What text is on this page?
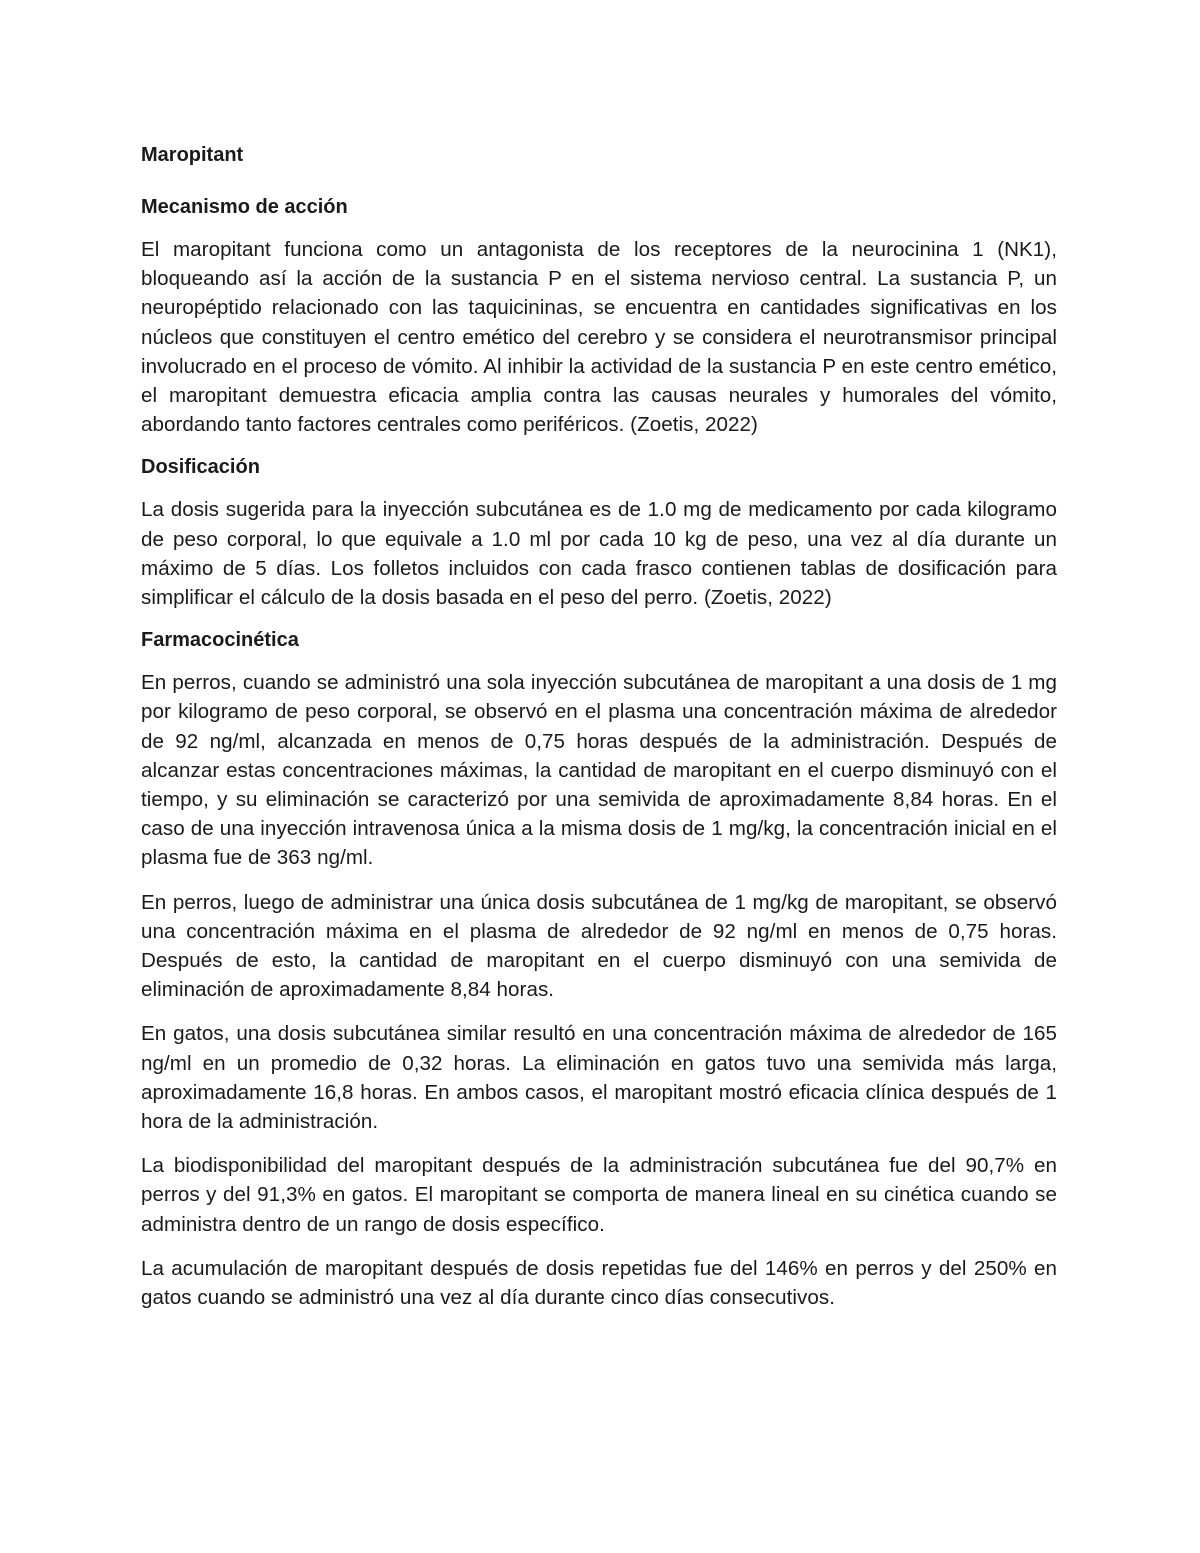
Maropitant
Mecanismo de acción

El maropitant funciona como un antagonista de los receptores de la neurocinina 1 (NK1), bloqueando así la acción de la sustancia P en el sistema nervioso central. La sustancia P, un neuropéptido relacionado con las taquicininas, se encuentra en cantidades significativas en los núcleos que constituyen el centro emético del cerebro y se considera el neurotransmisor principal involucrado en el proceso de vómito. Al inhibir la actividad de la sustancia P en este centro emético, el maropitant demuestra eficacia amplia contra las causas neurales y humorales del vómito, abordando tanto factores centrales como periféricos. (Zoetis, 2022)

Dosificación

La dosis sugerida para la inyección subcutánea es de 1.0 mg de medicamento por cada kilogramo de peso corporal, lo que equivale a 1.0 ml por cada 10 kg de peso, una vez al día durante un máximo de 5 días. Los folletos incluidos con cada frasco contienen tablas de dosificación para simplificar el cálculo de la dosis basada en el peso del perro. (Zoetis, 2022)

Farmacocinética

En perros, cuando se administró una sola inyección subcutánea de maropitant a una dosis de 1 mg por kilogramo de peso corporal, se observó en el plasma una concentración máxima de alrededor de 92 ng/ml, alcanzada en menos de 0,75 horas después de la administración. Después de alcanzar estas concentraciones máximas, la cantidad de maropitant en el cuerpo disminuyó con el tiempo, y su eliminación se caracterizó por una semivida de aproximadamente 8,84 horas. En el caso de una inyección intravenosa única a la misma dosis de 1 mg/kg, la concentración inicial en el plasma fue de 363 ng/ml.

En perros, luego de administrar una única dosis subcutánea de 1 mg/kg de maropitant, se observó una concentración máxima en el plasma de alrededor de 92 ng/ml en menos de 0,75 horas. Después de esto, la cantidad de maropitant en el cuerpo disminuyó con una semivida de eliminación de aproximadamente 8,84 horas.

En gatos, una dosis subcutánea similar resultó en una concentración máxima de alrededor de 165 ng/ml en un promedio de 0,32 horas. La eliminación en gatos tuvo una semivida más larga, aproximadamente 16,8 horas. En ambos casos, el maropitant mostró eficacia clínica después de 1 hora de la administración.

La biodisponibilidad del maropitant después de la administración subcutánea fue del 90,7% en perros y del 91,3% en gatos. El maropitant se comporta de manera lineal en su cinética cuando se administra dentro de un rango de dosis específico.

La acumulación de maropitant después de dosis repetidas fue del 146% en perros y del 250% en gatos cuando se administró una vez al día durante cinco días consecutivos.
